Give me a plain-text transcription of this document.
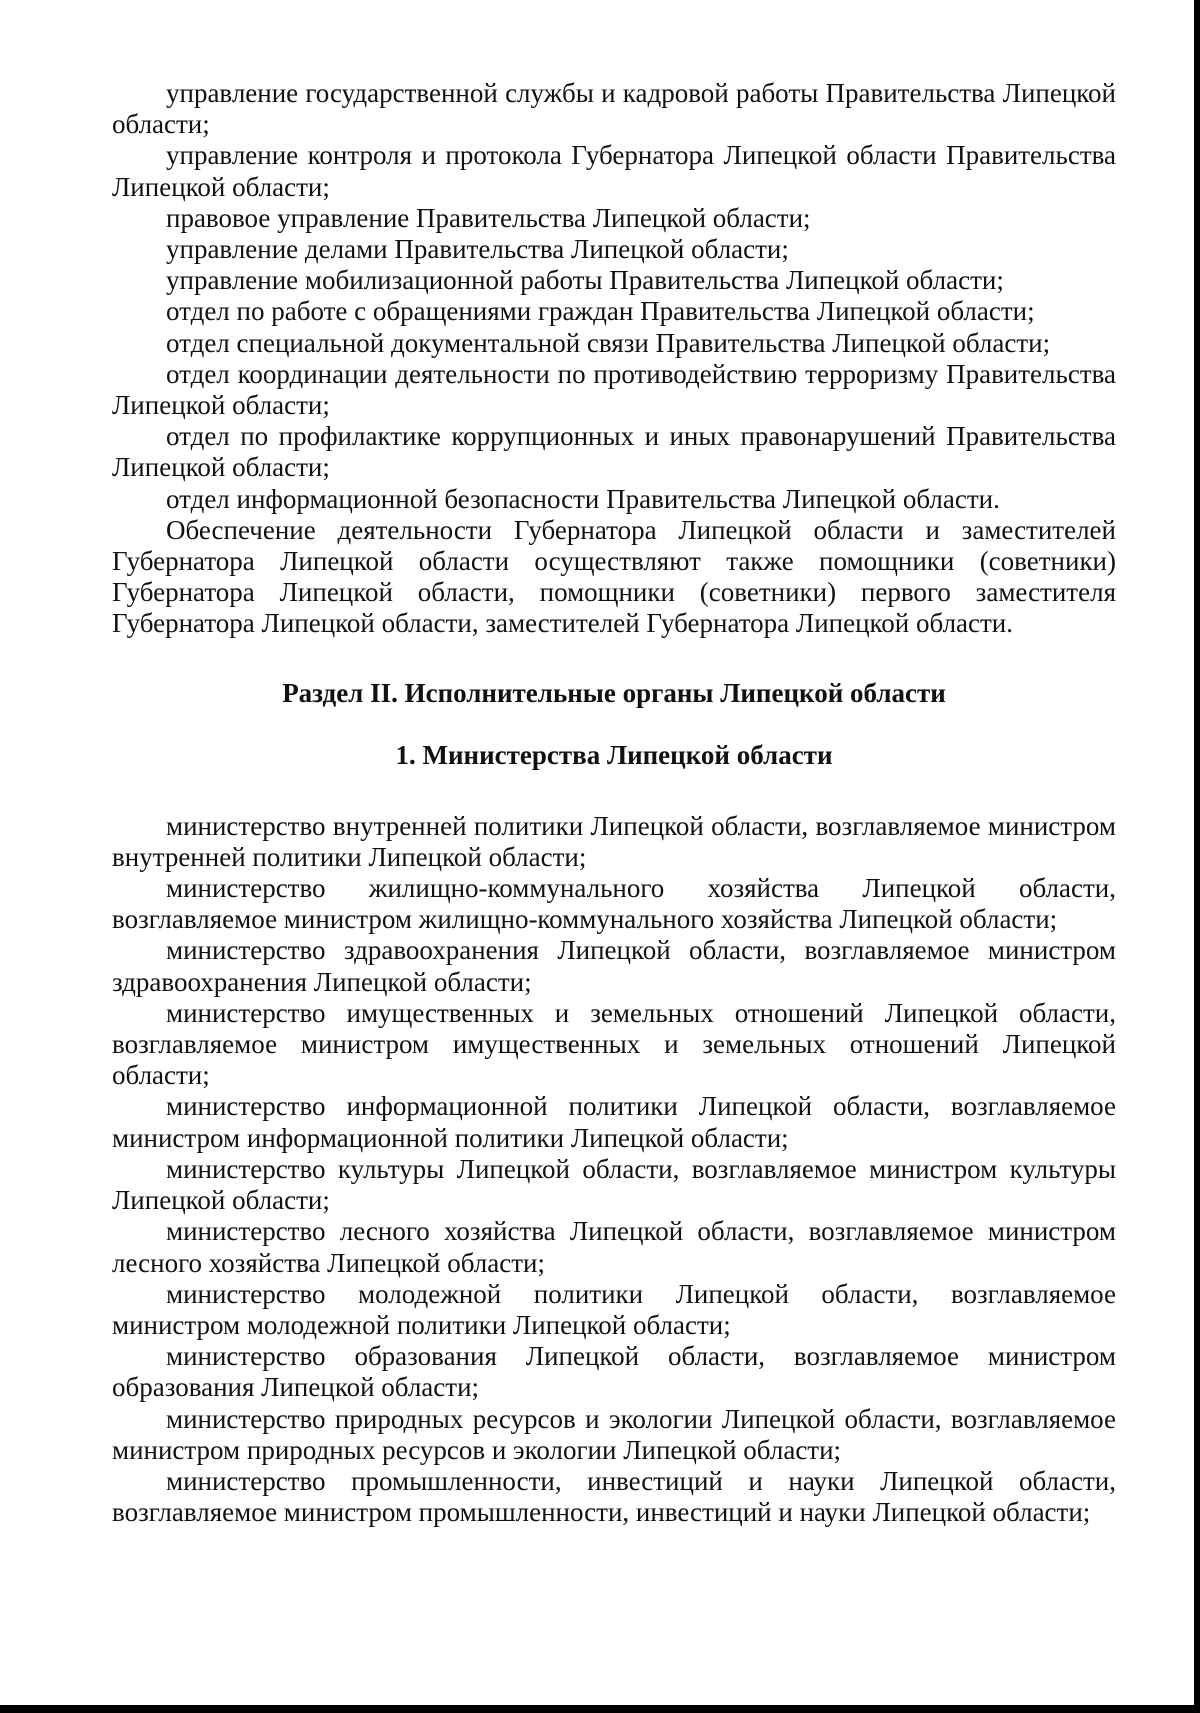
управление государственной службы и кадровой работы Правительства Липецкой области;

управление контроля и протокола Губернатора Липецкой области Правительства Липецкой области;

правовое управление Правительства Липецкой области;

управление делами Правительства Липецкой области;

управление мобилизационной работы Правительства Липецкой области;

отдел по работе с обращениями граждан Правительства Липецкой области;

отдел специальной документальной связи Правительства Липецкой области;

отдел координации деятельности по противодействию терроризму Правительства Липецкой области;

отдел по профилактике коррупционных и иных правонарушений Правительства Липецкой области;

отдел информационной безопасности Правительства Липецкой области.

Обеспечение деятельности Губернатора Липецкой области и заместителей Губернатора Липецкой области осуществляют также помощники (советники) Губернатора Липецкой области, помощники (советники) первого заместителя Губернатора Липецкой области, заместителей Губернатора Липецкой области.

Раздел II. Исполнительные органы Липецкой области
1. Министерства Липецкой области

министерство внутренней политики Липецкой области, возглавляемое министром внутренней политики Липецкой области;

министерство жилищно-коммунального хозяйства Липецкой области, возглавляемое министром жилищно-коммунального хозяйства Липецкой области;

министерство здравоохранения Липецкой области, возглавляемое министром здравоохранения Липецкой области;

министерство имущественных и земельных отношений Липецкой области, возглавляемое министром имущественных и земельных отношений Липецкой области;

министерство информационной политики Липецкой области, возглавляемое министром информационной политики Липецкой области;

министерство культуры Липецкой области, возглавляемое министром культуры Липецкой области;

министерство лесного хозяйства Липецкой области, возглавляемое министром лесного хозяйства Липецкой области;

министерство молодежной политики Липецкой области, возглавляемое министром молодежной политики Липецкой области;

министерство образования Липецкой области, возглавляемое министром образования Липецкой области;

министерство природных ресурсов и экологии Липецкой области, возглавляемое министром природных ресурсов и экологии Липецкой области;

министерство промышленности, инвестиций и науки Липецкой области, возглавляемое министром промышленности, инвестиций и науки Липецкой области;
